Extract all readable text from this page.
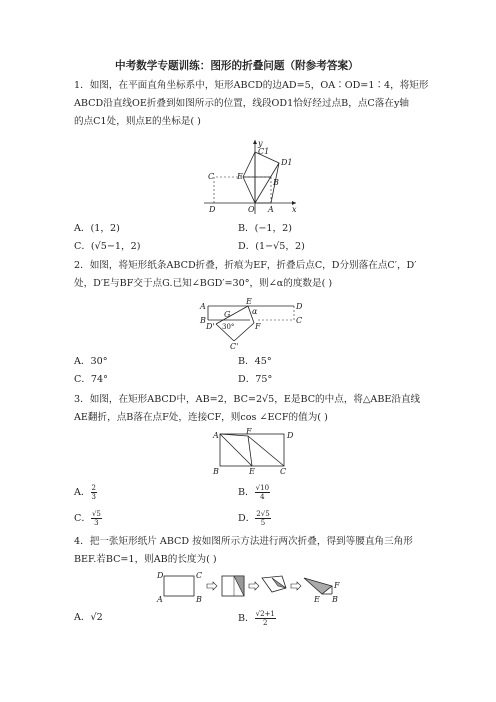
中考数学专题训练：图形的折叠问题（附参考答案）
1．如图，在平面直角坐标系中，矩形ABCD的边AD=5，OA∶OD=1∶4，将矩形
ABCD沿直线OE折叠到如图所示的位置，线段OD1恰好经过点B，点C落在y轴
的点C1处，则点E的坐标是( )
y
C1
D1
C	E
B
D	O A x
A．(1，2)	B．(−1，2)
C．(√5−1，2)	D．(1−√5，2)
2．如图，将矩形纸条ABCD折叠，折痕为EF，折叠后点C，D分别落在点C′，D′
处，D′E与BF交于点G.已知∠BGD′=30°，则∠α的度数是( )
A
E
D
G	α
B	C
D' 30°	F
C'
A．30°	B．45°
C．74°	D．75°
3．如图，在矩形ABCD中，AB=2，BC=2√5，E是BC的中点，将△ABE沿直线
AE翻折，点B落在点F处，连接CF，则cos ∠ECF的值为( )
A	F	D
B	E	C
A． $\frac{2}{3}$	B． $\frac{√10}{4}$
C． $\frac{√5}{3}$	D． $\frac{2√5}{5}$
4．把一张矩形纸片 ABCD 按如图所示方法进行两次折叠，得到等腰直角三角形
BEF.若BC=1，则AB的长度为( )
D	C
A	B
F
E B
A．√2	B． $\frac{√2+1}{2}$
